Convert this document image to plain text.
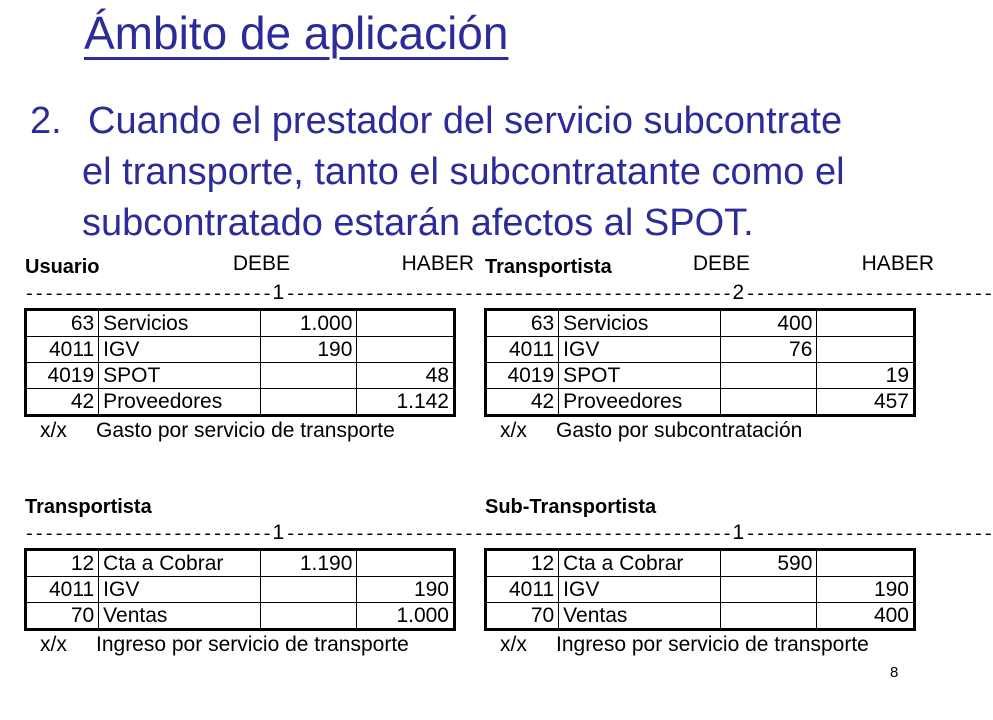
Ámbito de aplicación
2. Cuando el prestador del servicio subcontrate
el transporte, tanto el subcontratante como el
subcontratado estarán afectos al SPOT.
Usuario	DEBE	HABER
-------------------------1-------------------------
63	Servicios	1.000	
4011	IGV	190	
4019	SPOT		48
42	Proveedores		1.142
x/x Gasto por servicio de transporte
Transportista	DEBE	HABER
-------------------------2-------------------------
63	Servicios	400	
4011	IGV	76	
4019	SPOT		19
42	Proveedores		457
x/x Gasto por subcontratación
Transportista
-------------------------1-------------------------
12	Cta a Cobrar	1.190	
4011	IGV		190
70	Ventas		1.000
x/x Ingreso por servicio de transporte
Sub-Transportista
-------------------------1-------------------------
12	Cta a Cobrar	590	
4011	IGV		190
70	Ventas		400
x/x Ingreso por servicio de transporte
8
